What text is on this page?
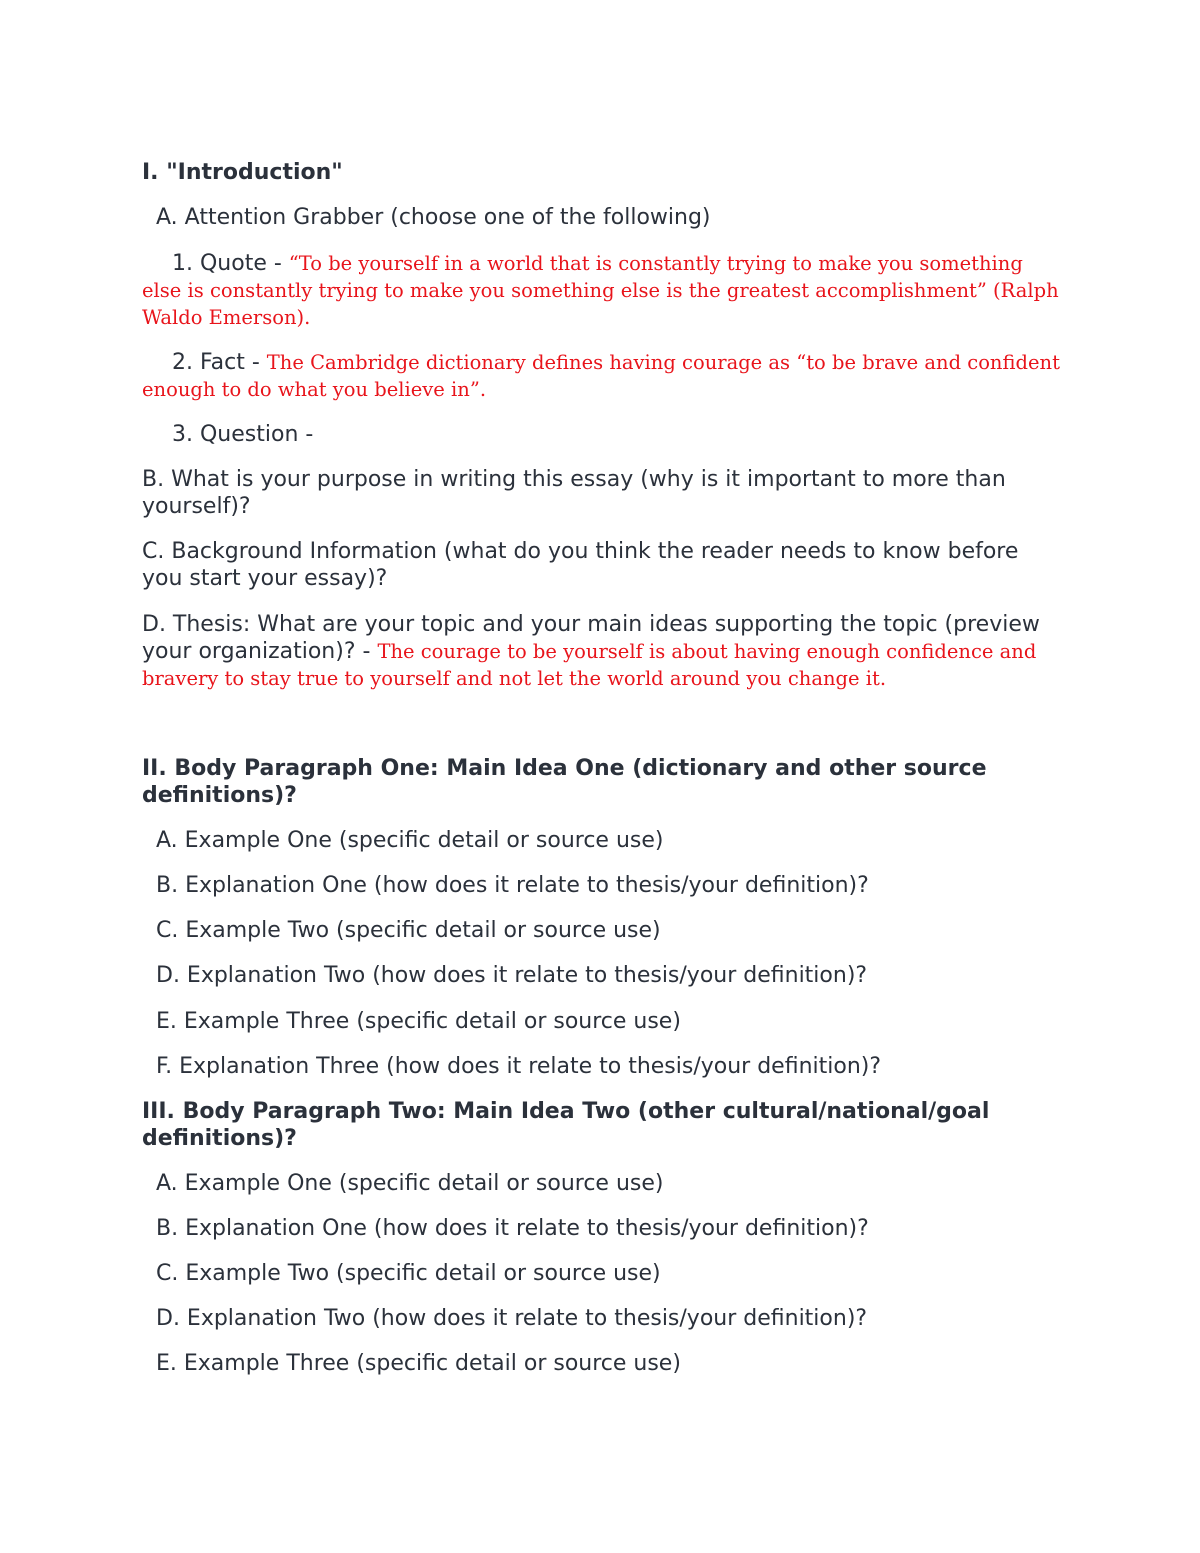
I. "Introduction"
A. Attention Grabber (choose one of the following)
1. Quote - “To be yourself in a world that is constantly trying to make you something else is constantly trying to make you something else is the greatest accomplishment” (Ralph Waldo Emerson).
2. Fact - The Cambridge dictionary defines having courage as “to be brave and confident enough to do what you believe in”.
3. Question -
B. What is your purpose in writing this essay (why is it important to more than yourself)?
C. Background Information (what do you think the reader needs to know before you start your essay)?
D. Thesis: What are your topic and your main ideas supporting the topic (preview your organization)? - The courage to be yourself is about having enough confidence and bravery to stay true to yourself and not let the world around you change it.
II. Body Paragraph One: Main Idea One (dictionary and other source definitions)?
A. Example One (specific detail or source use)
B. Explanation One (how does it relate to thesis/your definition)?
C. Example Two (specific detail or source use)
D. Explanation Two (how does it relate to thesis/your definition)?
E. Example Three (specific detail or source use)
F. Explanation Three (how does it relate to thesis/your definition)?
III. Body Paragraph Two: Main Idea Two (other cultural/national/goal definitions)?
A. Example One (specific detail or source use)
B. Explanation One (how does it relate to thesis/your definition)?
C. Example Two (specific detail or source use)
D. Explanation Two (how does it relate to thesis/your definition)?
E. Example Three (specific detail or source use)
